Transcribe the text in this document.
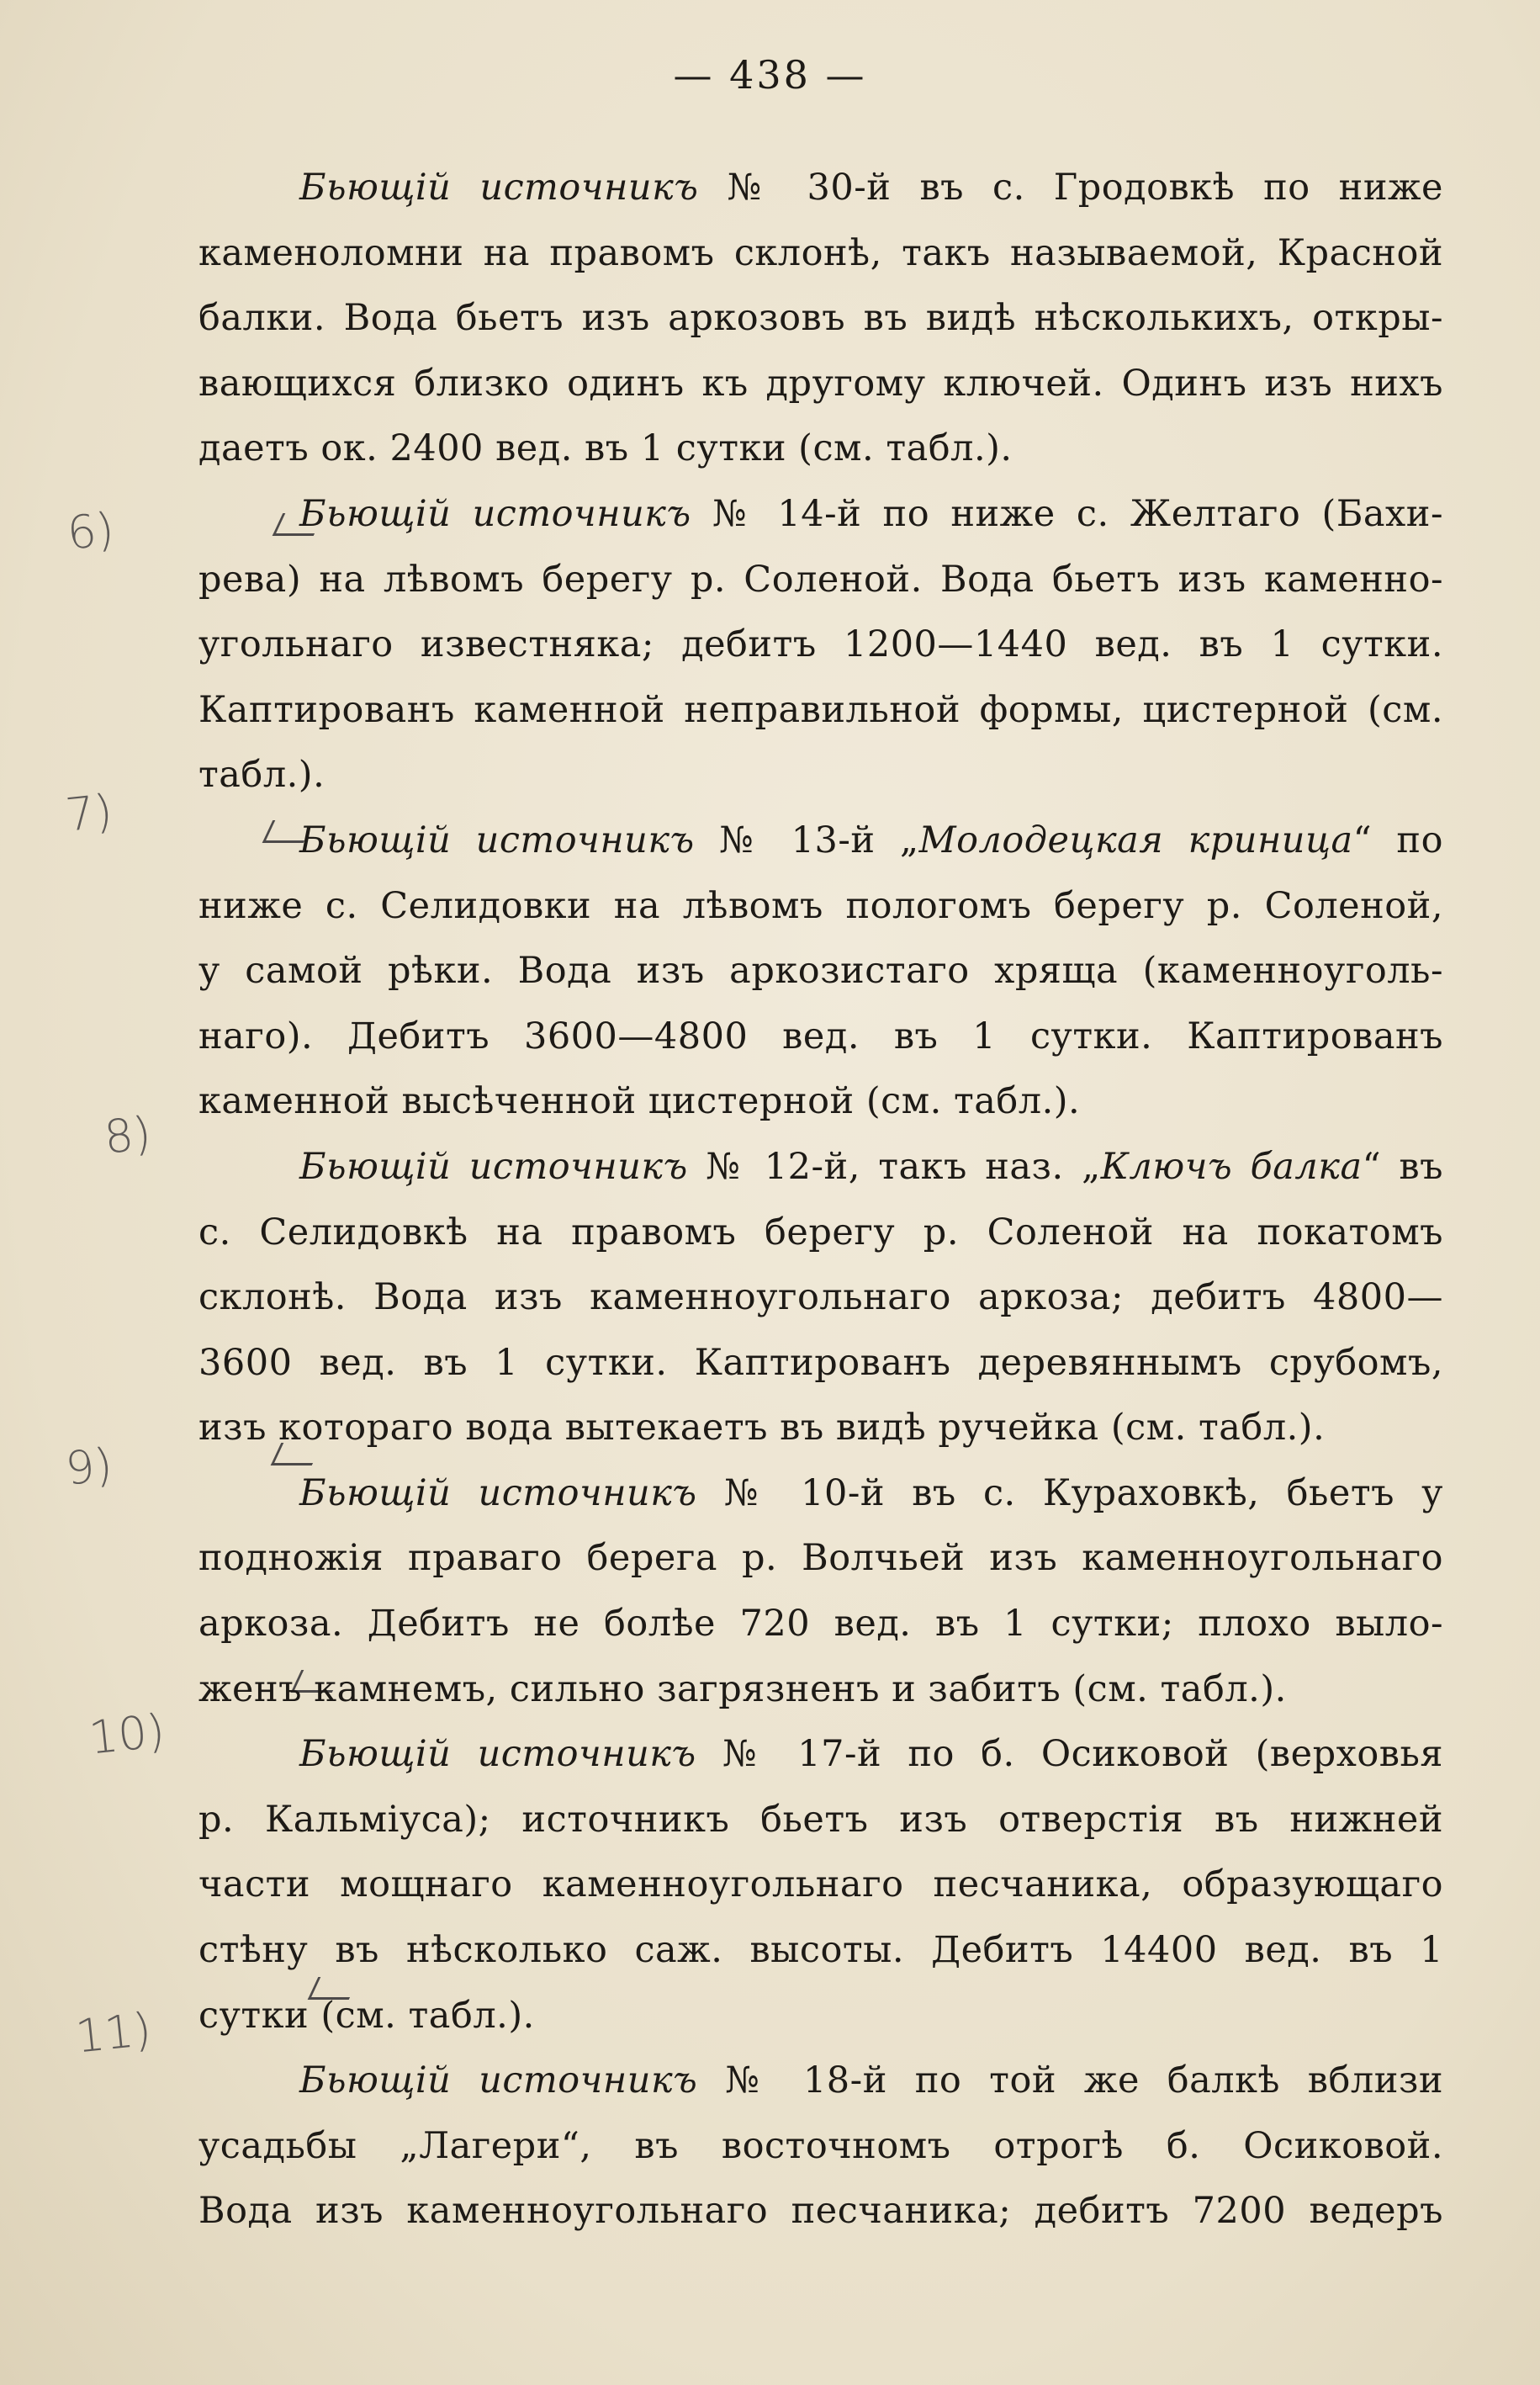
— 438 —
6)
7)
8)
9)
10)
11)
Бьющій источникъ № 30-й въ с. Гродовкѣ по ниже
каменоломни на правомъ склонѣ, такъ называемой, Красной
балки. Вода бьетъ изъ аркозовъ въ видѣ нѣсколькихъ, откры-
вающихся близко одинъ къ другому ключей. Одинъ изъ нихъ
даетъ ок. 2400 вед. въ 1 сутки (см. табл.).
Бьющій источникъ № 14-й по ниже с. Желтаго (Бахи-
рева) на лѣвомъ берегу р. Соленой. Вода бьетъ изъ каменно-
угольнаго известняка; дебитъ 1200—1440 вед. въ 1 сутки.
Каптированъ каменной неправильной формы, цистерной (см.
табл.).
Бьющій источникъ № 13-й „Молодецкая криница“ по
ниже с. Селидовки на лѣвомъ пологомъ берегу р. Соленой,
у самой рѣки. Вода изъ аркозистаго хряща (каменноуголь-
наго). Дебитъ 3600—4800 вед. въ 1 сутки. Каптированъ
каменной высѣченной цистерной (см. табл.).
Бьющій источникъ № 12-й, такъ наз. „Ключъ балка“ въ
с. Селидовкѣ на правомъ берегу р. Соленой на покатомъ
склонѣ. Вода изъ каменноугольнаго аркоза; дебитъ 4800—
3600 вед. въ 1 сутки. Каптированъ деревяннымъ срубомъ,
изъ котораго вода вытекаетъ въ видѣ ручейка (см. табл.).
Бьющій источникъ № 10-й въ с. Кураховкѣ, бьетъ у
подножія праваго берега р. Волчьей изъ каменноугольнаго
аркоза. Дебитъ не болѣе 720 вед. въ 1 сутки; плохо выло-
женъ камнемъ, сильно загрязненъ и забитъ (см. табл.).
Бьющій источникъ № 17-й по б. Осиковой (верховья
р. Кальміуса); источникъ бьетъ изъ отверстія въ нижней
части мощнаго каменноугольнаго песчаника, образующаго
стѣну въ нѣсколько саж. высоты. Дебитъ 14400 вед. въ 1
сутки (см. табл.).
Бьющій источникъ № 18-й по той же балкѣ вблизи
усадьбы „Лагери“, въ восточномъ отрогѣ б. Осиковой.
Вода изъ каменноугольнаго песчаника; дебитъ 7200 ведеръ
